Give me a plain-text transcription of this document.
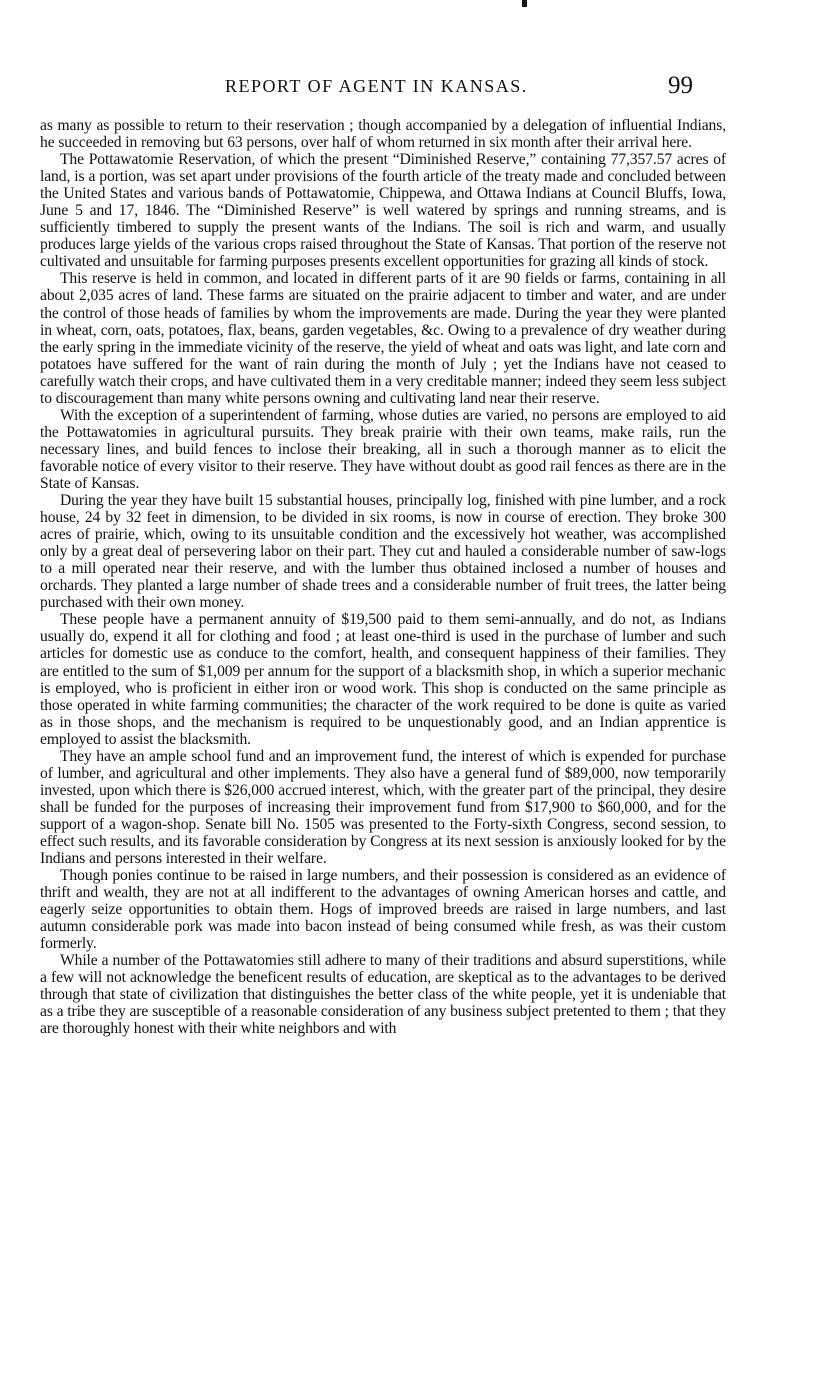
REPORT OF AGENT IN KANSAS.	99

as many as possible to return to their reservation ; though accompanied by a delegation of influential Indians, he succeeded in removing but 63 persons, over half of whom returned in six month after their arrival here.

The Pottawatomie Reservation, of which the present “Diminished Reserve,” containing 77,357.57 acres of land, is a portion, was set apart under provisions of the fourth article of the treaty made and concluded between the United States and various bands of Pottawatomie, Chippewa, and Ottawa Indians at Council Bluffs, Iowa, June 5 and 17, 1846. The “Diminished Reserve” is well watered by springs and running streams, and is sufficiently timbered to supply the present wants of the Indians. The soil is rich and warm, and usually produces large yields of the various crops raised throughout the State of Kansas. That portion of the reserve not cultivated and unsuitable for farming purposes presents excellent opportunities for grazing all kinds of stock.

This reserve is held in common, and located in different parts of it are 90 fields or farms, containing in all about 2,035 acres of land. These farms are situated on the prairie adjacent to timber and water, and are under the control of those heads of families by whom the improvements are made. During the year they were planted in wheat, corn, oats, potatoes, flax, beans, garden vegetables, &c. Owing to a prevalence of dry weather during the early spring in the immediate vicinity of the reserve, the yield of wheat and oats was light, and late corn and potatoes have suffered for the want of rain during the month of July ; yet the Indians have not ceased to carefully watch their crops, and have cultivated them in a very creditable manner; indeed they seem less subject to discouragement than many white persons owning and cultivating land near their reserve.

With the exception of a superintendent of farming, whose duties are varied, no persons are employed to aid the Pottawatomies in agricultural pursuits. They break prairie with their own teams, make rails, run the necessary lines, and build fences to inclose their breaking, all in such a thorough manner as to elicit the favorable notice of every visitor to their reserve. They have without doubt as good rail fences as there are in the State of Kansas.

During the year they have built 15 substantial houses, principally log, finished with pine lumber, and a rock house, 24 by 32 feet in dimension, to be divided in six rooms, is now in course of erection. They broke 300 acres of prairie, which, owing to its unsuitable condition and the excessively hot weather, was accomplished only by a great deal of persevering labor on their part. They cut and hauled a considerable number of saw-logs to a mill operated near their reserve, and with the lumber thus obtained inclosed a number of houses and orchards. They planted a large number of shade trees and a considerable number of fruit trees, the latter being purchased with their own money.

These people have a permanent annuity of $19,500 paid to them semi-annually, and do not, as Indians usually do, expend it all for clothing and food ; at least one-third is used in the purchase of lumber and such articles for domestic use as conduce to the comfort, health, and consequent happiness of their families. They are entitled to the sum of $1,009 per annum for the support of a blacksmith shop, in which a superior mechanic is employed, who is proficient in either iron or wood work. This shop is conducted on the same principle as those operated in white farming communities; the character of the work required to be done is quite as varied as in those shops, and the mechanism is required to be unquestionably good, and an Indian apprentice is employed to assist the blacksmith.

They have an ample school fund and an improvement fund, the interest of which is expended for purchase of lumber, and agricultural and other implements. They also have a general fund of $89,000, now temporarily invested, upon which there is $26,000 accrued interest, which, with the greater part of the principal, they desire shall be funded for the purposes of increasing their improvement fund from $17,900 to $60,000, and for the support of a wagon-shop. Senate bill No. 1505 was presented to the Forty-sixth Congress, second session, to effect such results, and its favorable consideration by Congress at its next session is anxiously looked for by the Indians and persons interested in their welfare.

Though ponies continue to be raised in large numbers, and their possession is considered as an evidence of thrift and wealth, they are not at all indifferent to the advantages of owning American horses and cattle, and eagerly seize opportunities to obtain them. Hogs of improved breeds are raised in large numbers, and last autumn considerable pork was made into bacon instead of being consumed while fresh, as was their custom formerly.

While a number of the Pottawatomies still adhere to many of their traditions and absurd superstitions, while a few will not acknowledge the beneficent results of education, are skeptical as to the advantages to be derived through that state of civilization that distinguishes the better class of the white people, yet it is undeniable that as a tribe they are susceptible of a reasonable consideration of any business subject pretented to them ; that they are thoroughly honest with their white neighbors and with
